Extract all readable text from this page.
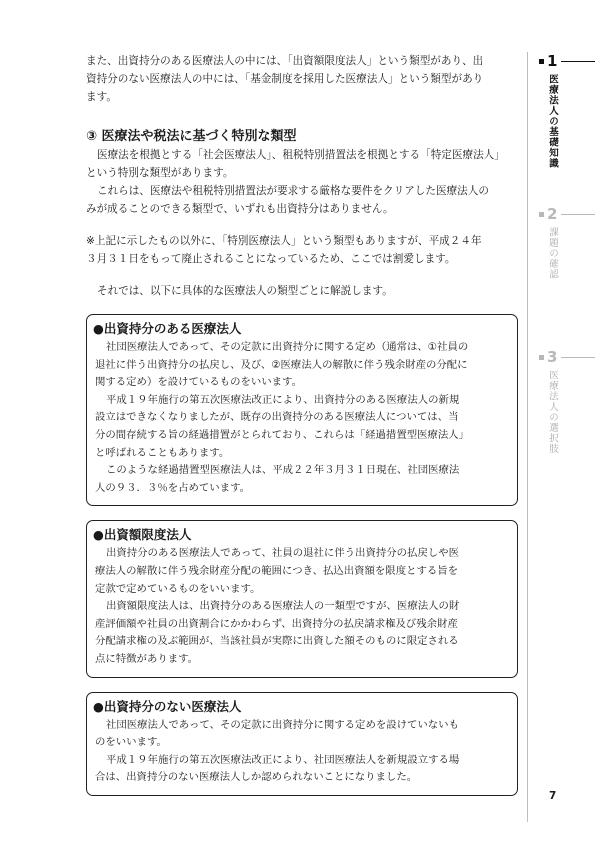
また、出資持分のある医療法人の中には、「出資額限度法人」という類型があり、出

資持分のない医療法人の中には、「基金制度を採用した医療法人」という類型があり

ます。

③ 医療法や税法に基づく特別な類型

医療法を根拠とする「社会医療法人」、租税特別措置法を根拠とする「特定医療法人」

という特別な類型があります。

これらは、医療法や租税特別措置法が要求する厳格な要件をクリアした医療法人の

みが成ることのできる類型で、いずれも出資持分はありません。

※上記に示したもの以外に、「特別医療法人」という類型もありますが、平成２４年

３月３１日をもって廃止されることになっているため、ここでは割愛します。

それでは、以下に具体的な医療法人の類型ごとに解説します。

●出資持分のある医療法人

社団医療法人であって、その定款に出資持分に関する定め（通常は、①社員の

退社に伴う出資持分の払戻し、及び、②医療法人の解散に伴う残余財産の分配に

関する定め）を設けているものをいいます。

平成１９年施行の第五次医療法改正により、出資持分のある医療法人の新規

設立はできなくなりましたが、既存の出資持分のある医療法人については、当

分の間存続する旨の経過措置がとられており、これらは「経過措置型医療法人」

と呼ばれることもあります。

このような経過措置型医療法人は、平成２２年３月３１日現在、社団医療法

人の９３．３％を占めています。

●出資額限度法人

出資持分のある医療法人であって、社員の退社に伴う出資持分の払戻しや医

療法人の解散に伴う残余財産分配の範囲につき、払込出資額を限度とする旨を

定款で定めているものをいいます。

出資額限度法人は、出資持分のある医療法人の一類型ですが、医療法人の財

産評価額や社員の出資割合にかかわらず、出資持分の払戻請求権及び残余財産

分配請求権の及ぶ範囲が、当該社員が実際に出資した額そのものに限定される

点に特徴があります。

●出資持分のない医療法人

社団医療法人であって、その定款に出資持分に関する定めを設けていないも

のをいいます。

平成１９年施行の第五次医療法改正により、社団医療法人を新規設立する場

合は、出資持分のない医療法人しか認められないことになりました。

1
医療法人の基礎知識
2
課題の確認
3
医療法人の選択肢
7
